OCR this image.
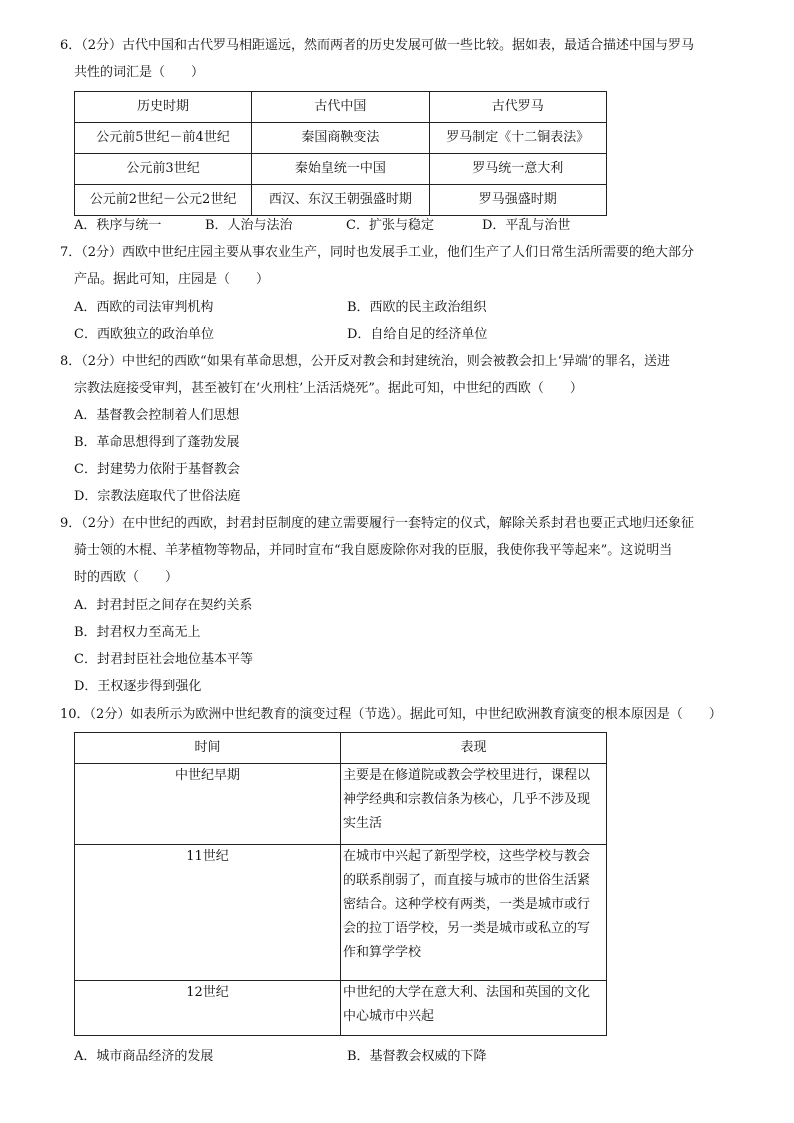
6．（2分）古代中国和古代罗马相距遥远，然而两者的历史发展可做一些比较。据如表，最适合描述中国与罗马
共性的词汇是（　　）
历史时期	古代中国	古代罗马
公元前5世纪－前4世纪	秦国商鞅变法	罗马制定《十二铜表法》
公元前3世纪	秦始皇统一中国	罗马统一意大利
公元前2世纪－公元2世纪	西汉、东汉王朝强盛时期	罗马强盛时期
A．秩序与统一	B．人治与法治	C．扩张与稳定	D．平乱与治世
7．（2分）西欧中世纪庄园主要从事农业生产，同时也发展手工业，他们生产了人们日常生活所需要的绝大部分
产品。据此可知，庄园是（　　）
A．西欧的司法审判机构	B．西欧的民主政治组织
C．西欧独立的政治单位	D．自给自足的经济单位
8．（2分）中世纪的西欧“如果有革命思想，公开反对教会和封建统治，则会被教会扣上‘异端’的罪名，送进
宗教法庭接受审判，甚至被钉在‘火刑柱’上活活烧死”。据此可知，中世纪的西欧（　　）
A．基督教会控制着人们思想
B．革命思想得到了蓬勃发展
C．封建势力依附于基督教会
D．宗教法庭取代了世俗法庭
9．（2分）在中世纪的西欧，封君封臣制度的建立需要履行一套特定的仪式，解除关系封君也要正式地归还象征
骑士领的木棍、羊茅植物等物品，并同时宣布“我自愿废除你对我的臣服，我使你我平等起来”。这说明当
时的西欧（　　）
A．封君封臣之间存在契约关系
B．封君权力至高无上
C．封君封臣社会地位基本平等
D．王权逐步得到强化
10．（2分）如表所示为欧洲中世纪教育的演变过程（节选）。据此可知，中世纪欧洲教育演变的根本原因是（　　）
时间	表现
中世纪早期	主要是在修道院或教会学校里进行，课程以
神学经典和宗教信条为核心，几乎不涉及现
实生活

11世纪	在城市中兴起了新型学校，这些学校与教会
的联系削弱了，而直接与城市的世俗生活紧
密结合。这种学校有两类，一类是城市或行
会的拉丁语学校，另一类是城市或私立的写
作和算学学校

12世纪	中世纪的大学在意大利、法国和英国的文化
中心城市中兴起
A．城市商品经济的发展	B．基督教会权威的下降
